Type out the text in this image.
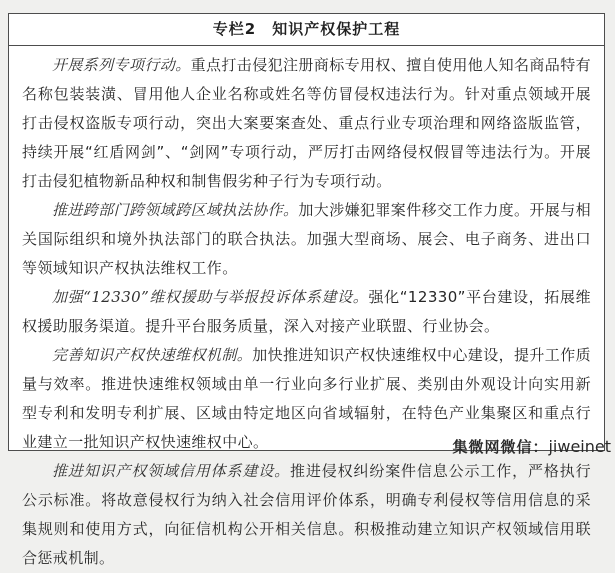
专栏2　知识产权保护工程

开展系列专项行动。重点打击侵犯注册商标专用权、擅自使用他人知名商品特有名称包装装潢、冒用他人企业名称或姓名等仿冒侵权违法行为。针对重点领域开展打击侵权盗版专项行动，突出大案要案查处、重点行业专项治理和网络盗版监管，持续开展“红盾网剑”、“剑网”专项行动，严厉打击网络侵权假冒等违法行为。开展打击侵犯植物新品种权和制售假劣种子行为专项行动。

推进跨部门跨领域跨区域执法协作。加大涉嫌犯罪案件移交工作力度。开展与相关国际组织和境外执法部门的联合执法。加强大型商场、展会、电子商务、进出口等领域知识产权执法维权工作。

加强“12330”维权援助与举报投诉体系建设。强化“12330”平台建设，拓展维权援助服务渠道。提升平台服务质量，深入对接产业联盟、行业协会。

完善知识产权快速维权机制。加快推进知识产权快速维权中心建设，提升工作质量与效率。推进快速维权领域由单一行业向多行业扩展、类别由外观设计向实用新型专利和发明专利扩展、区域由特定地区向省域辐射，在特色产业集聚区和重点行业建立一批知识产权快速维权中心。

推进知识产权领域信用体系建设。推进侵权纠纷案件信息公示工作，严格执行公示标准。将故意侵权行为纳入社会信用评价体系，明确专利侵权等信用信息的采集规则和使用方式，向征信机构公开相关信息。积极推动建立知识产权领域信用联合惩戒机制。

集微网微信：jiweinet
